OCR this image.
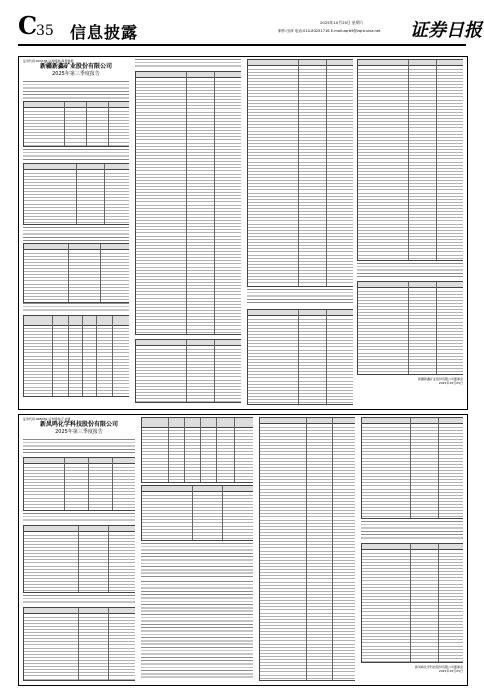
C
35 信息披露
2025年10月25日 星期六
制作:田萍 电话:010-83251716 E-mail:zqrb9@zqrb.sina.net	证券日报
证券代码:603138 证券简称:海量数据
新疆新鑫矿业股份有限公司
2025年第三季度报告
新疆新鑫矿业股份有限公司董事会
2025年10月25日
证券代码:688339 证券简称:亿华通
新凤鸣化学科技股份有限公司
2025年第三季度报告
新凤鸣化学科技股份有限公司董事会
2025年10月25日
